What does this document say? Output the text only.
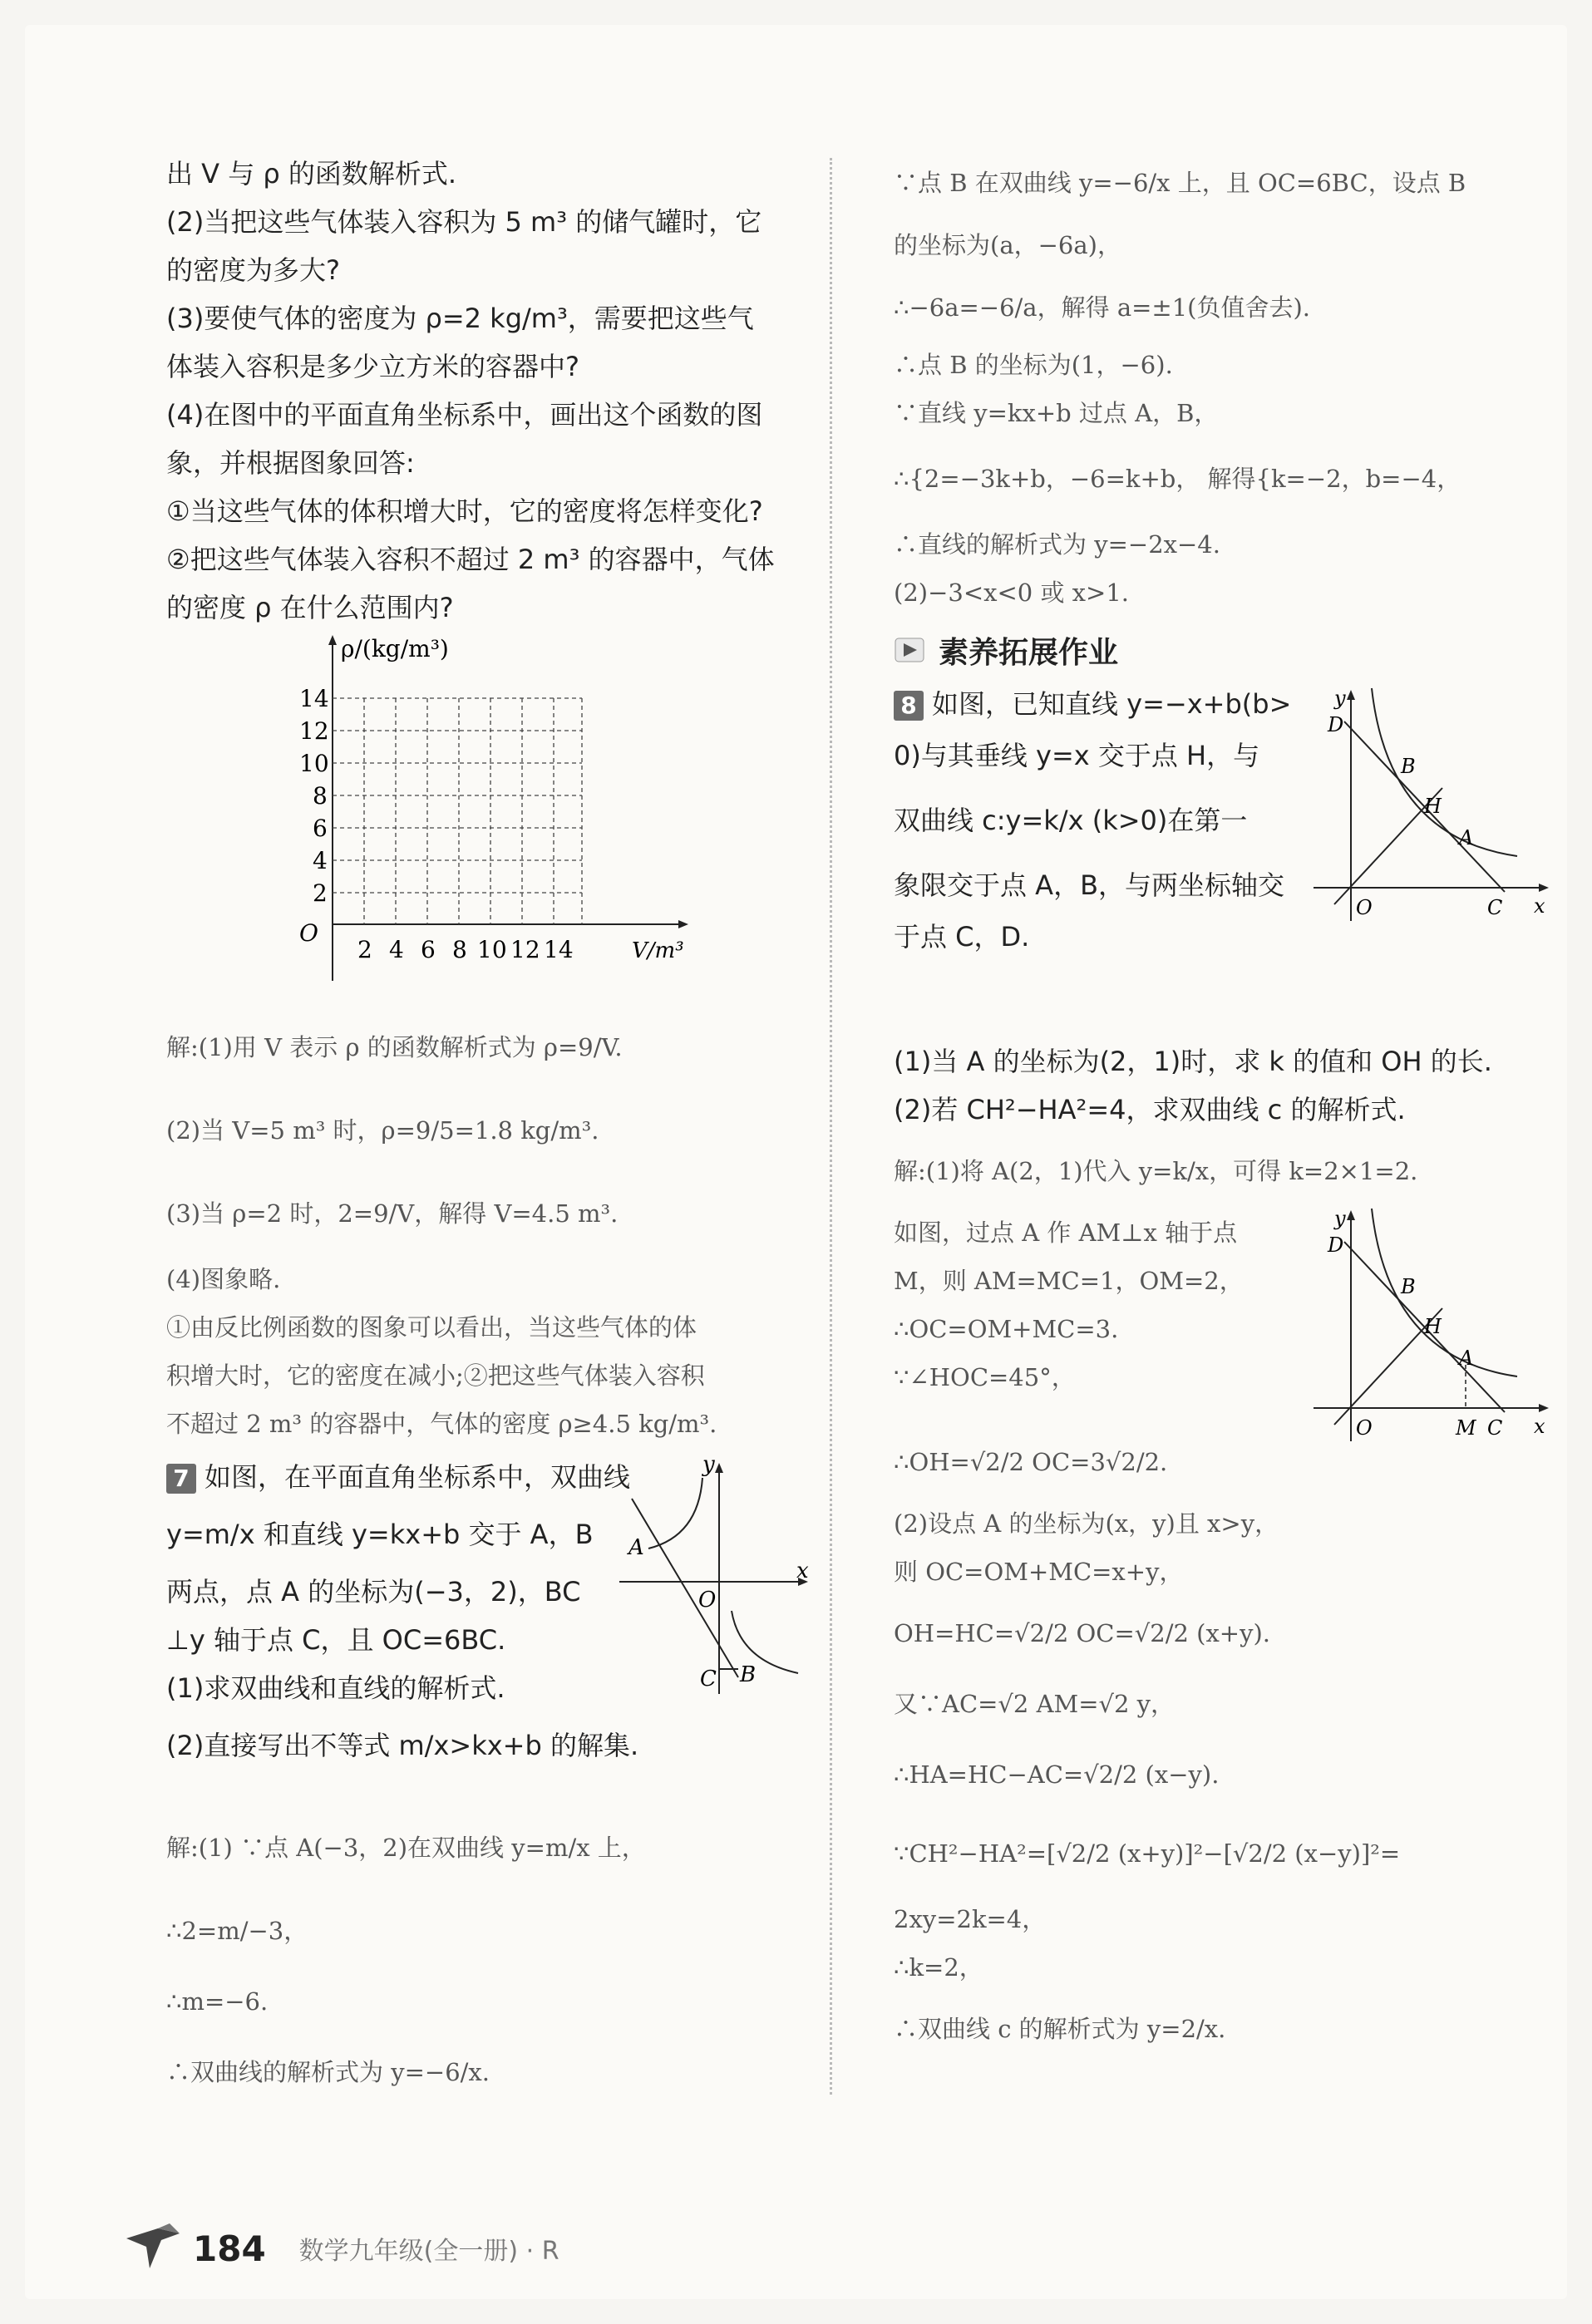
出 V 与 ρ 的函数解析式.
(2)当把这些气体装入容积为 5 m³ 的储气罐时，它
的密度为多大?
(3)要使气体的密度为 ρ=2 kg/m³，需要把这些气
体装入容积是多少立方米的容器中?
(4)在图中的平面直角坐标系中，画出这个函数的图
象，并根据图象回答:
①当这些气体的体积增大时，它的密度将怎样变化?
②把这些气体装入容积不超过 2 m³ 的容器中，气体
的密度 ρ 在什么范围内?
ρ/(kg/m³)
O
V/m³
14
12
10
8
6
4
2
2 4 6 8 10 12 14
解:(1)用 V 表示 ρ 的函数解析式为 ρ=9/V.
(2)当 V=5 m³ 时，ρ=9/5=1.8 kg/m³.
(3)当 ρ=2 时，2=9/V，解得 V=4.5 m³.
(4)图象略.
①由反比例函数的图象可以看出，当这些气体的体
积增大时，它的密度在减小;②把这些气体装入容积
不超过 2 m³ 的容器中，气体的密度 ρ≥4.5 kg/m³.
7 如图，在平面直角坐标系中，双曲线
y=m/x 和直线 y=kx+b 交于 A，B
两点，点 A 的坐标为(−3，2)，BC
⊥y 轴于点 C，且 OC=6BC.
(1)求双曲线和直线的解析式.
(2)直接写出不等式 m/x>kx+b 的解集.
y
x
O
A
B
C
解:(1) ∵点 A(−3，2)在双曲线 y=m/x 上，
∴2=m/−3，
∴m=−6.
∴双曲线的解析式为 y=−6/x.
∵点 B 在双曲线 y=−6/x 上，且 OC=6BC，设点 B
的坐标为(a，−6a)，
∴−6a=−6/a，解得 a=±1(负值舍去).
∴点 B 的坐标为(1，−6).
∵直线 y=kx+b 过点 A，B，
∴{2=−3k+b，−6=k+b， 解得{k=−2，b=−4，
∴直线的解析式为 y=−2x−4.
(2)−3<x<0 或 x>1.
素养拓展作业
8 如图，已知直线 y=−x+b(b>
0)与其垂线 y=x 交于点 H，与
双曲线 c:y=k/x (k>0)在第一
象限交于点 A，B，与两坐标轴交
于点 C，D.
y
x
O
D
B
H
A
C
(1)当 A 的坐标为(2，1)时，求 k 的值和 OH 的长.
(2)若 CH²−HA²=4，求双曲线 c 的解析式.
解:(1)将 A(2，1)代入 y=k/x，可得 k=2×1=2.
如图，过点 A 作 AM⊥x 轴于点
M，则 AM=MC=1，OM=2，
∴OC=OM+MC=3.
∵∠HOC=45°，
y
x
O
D
B
H
A
M C
∴OH=√2/2 OC=3√2/2.
(2)设点 A 的坐标为(x，y)且 x>y，
则 OC=OM+MC=x+y，
OH=HC=√2/2 OC=√2/2 (x+y).
又∵AC=√2 AM=√2 y，
∴HA=HC−AC=√2/2 (x−y).
∵CH²−HA²=[√2/2 (x+y)]²−[√2/2 (x−y)]²=
2xy=2k=4，
∴k=2，
∴双曲线 c 的解析式为 y=2/x.
184 数学九年级(全一册) · R
